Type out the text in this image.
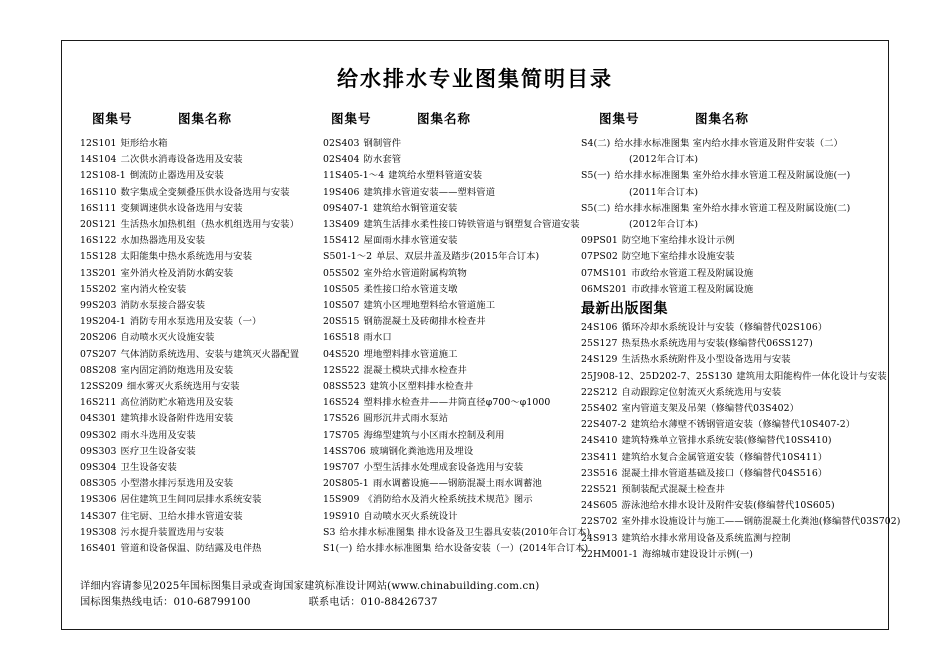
给水排水专业图集简明目录
图集号	图集名称
12S101 矩形给水箱
14S104 二次供水消毒设备选用及安装
12S108-1 倒流防止器选用及安装
16S110 数字集成全变频叠压供水设备选用与安装
16S111 变频调速供水设备选用与安装
20S121 生活热水加热机组（热水机组选用与安装）
16S122 水加热器选用及安装
15S128 太阳能集中热水系统选用与安装
13S201 室外消火栓及消防水鹤安装
15S202 室内消火栓安装
99S203 消防水泵接合器安装
19S204-1 消防专用水泵选用及安装（一）
20S206 自动喷水灭火设施安装
07S207 气体消防系统选用、安装与建筑灭火器配置
08S208 室内固定消防炮选用及安装
12SS209 细水雾灭火系统选用与安装
16S211 高位消防贮水箱选用及安装
04S301 建筑排水设备附件选用安装
09S302 雨水斗选用及安装
09S303 医疗卫生设备安装
09S304 卫生设备安装
08S305 小型潜水排污泵选用及安装
19S306 居住建筑卫生间同层排水系统安装
14S307 住宅厨、卫给水排水管道安装
19S308 污水提升装置选用与安装
16S401 管道和设备保温、防结露及电伴热
图集号	图集名称
02S403 钢制管件
02S404 防水套管
11S405-1～4 建筑给水塑料管道安装
19S406 建筑排水管道安装——塑料管道
09S407-1 建筑给水铜管道安装
13S409 建筑生活排水柔性接口铸铁管道与钢塑复合管道安装
15S412 屋面雨水排水管道安装
S501-1～2 单层、双层井盖及踏步(2015年合订本)
05S502 室外给水管道附属构筑物
10S505 柔性接口给水管道支墩
10S507 建筑小区埋地塑料给水管道施工
20S515 钢筋混凝土及砖砌排水检查井
16S518 雨水口
04S520 埋地塑料排水管道施工
12S522 混凝土模块式排水检查井
08SS523 建筑小区塑料排水检查井
16S524 塑料排水检查井——井筒直径φ700～φ1000
17S526 圆形沉井式雨水泵站
17S705 海绵型建筑与小区雨水控制及利用
14SS706 玻璃钢化粪池选用及埋设
19S707 小型生活排水处理成套设备选用与安装
20S805-1 雨水调蓄设施——钢筋混凝土雨水调蓄池
15S909 《消防给水及消火栓系统技术规范》图示
19S910 自动喷水灭火系统设计
S3 给水排水标准图集 排水设备及卫生器具安装(2010年合订本)
S1(一) 给水排水标准图集 给水设备安装（一）(2014年合订本)
图集号	图集名称
S4(二) 给水排水标准图集 室内给水排水管道及附件安装（二）
(2012年合订本)
S5(一) 给水排水标准图集 室外给水排水管道工程及附属设施(一)
(2011年合订本)
S5(二) 给水排水标准图集 室外给水排水管道工程及附属设施(二)
(2012年合订本)
09PS01 防空地下室给排水设计示例
07PS02 防空地下室给排水设施安装
07MS101 市政给水管道工程及附属设施
06MS201 市政排水管道工程及附属设施
最新出版图集
24S106 循环冷却水系统设计与安装（修编替代02S106）
25S127 热泵热水系统选用与安装(修编替代06SS127)
24S129 生活热水系统附件及小型设备选用与安装
25J908-12、25D202-7、25S130 建筑用太阳能构件一体化设计与安装
22S212 自动跟踪定位射流灭火系统选用与安装
25S402 室内管道支架及吊架（修编替代03S402）
22S407-2 建筑给水薄壁不锈钢管道安装（修编替代10S407-2）
24S410 建筑特殊单立管排水系统安装(修编替代10SS410)
23S411 建筑给水复合金属管道安装（修编替代10S411）
23S516 混凝土排水管道基础及接口（修编替代04S516）
22S521 预制装配式混凝土检查井
24S605 游泳池给水排水设计及附件安装(修编替代10S605)
22S702 室外排水设施设计与施工——钢筋混凝土化粪池(修编替代03S702)
24S913 建筑给水排水常用设备及系统监测与控制
22HM001-1 海绵城市建设设计示例(一)
详细内容请参见2025年国标图集目录或查询国家建筑标准设计网站(www.chinabuilding.com.cn)
国标图集热线电话：010-68799100	联系电话：010-88426737
